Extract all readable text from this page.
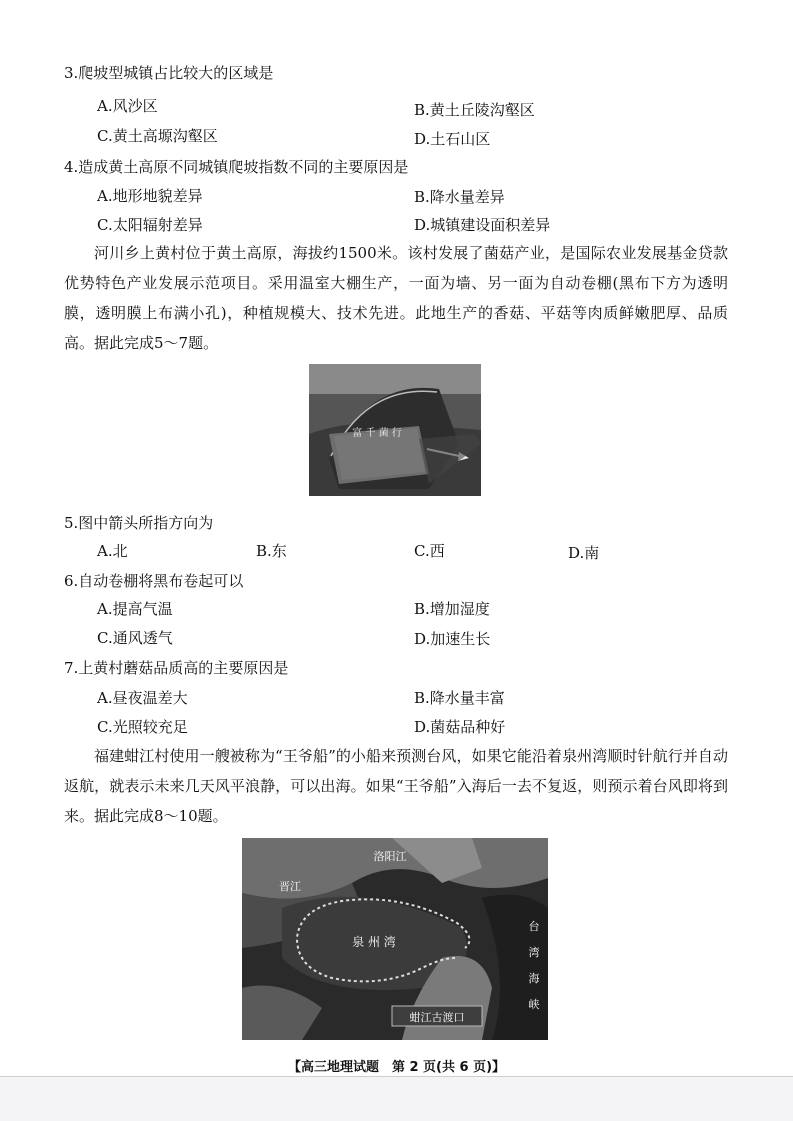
3.爬坡型城镇占比较大的区域是
A.风沙区	B.黄土丘陵沟壑区
C.黄土高塬沟壑区	D.土石山区
4.造成黄土高原不同城镇爬坡指数不同的主要原因是
A.地形地貌差异	B.降水量差异
C.太阳辐射差异	D.城镇建设面积差异
河川乡上黄村位于黄土高原，海拔约1500米。该村发展了菌菇产业，是国际农业发展基金贷款优势特色产业发展示范项目。采用温室大棚生产，一面为墙、另一面为自动卷棚(黑布下方为透明膜，透明膜上布满小孔)，种植规模大、技术先进。此地生产的香菇、平菇等肉质鲜嫩肥厚、品质高。据此完成5～7题。
富 千 菌 行
5.图中箭头所指方向为
A.北	B.东	C.西	D.南
6.自动卷棚将黑布卷起可以
A.提高气温	B.增加湿度
C.通风透气	D.加速生长
7.上黄村蘑菇品质高的主要原因是
A.昼夜温差大	B.降水量丰富
C.光照较充足	D.菌菇品种好
福建蚶江村使用一艘被称为“王爷船”的小船来预测台风，如果它能沿着泉州湾顺时针航行并自动返航，就表示未来几天风平浪静，可以出海。如果“王爷船”入海后一去不复返，则预示着台风即将到来。据此完成8～10题。
洛阳江
晋江
泉 州 湾
台
湾
海
峡
蚶江古渡口
【高三地理试题　第 2 页(共 6 页)】
